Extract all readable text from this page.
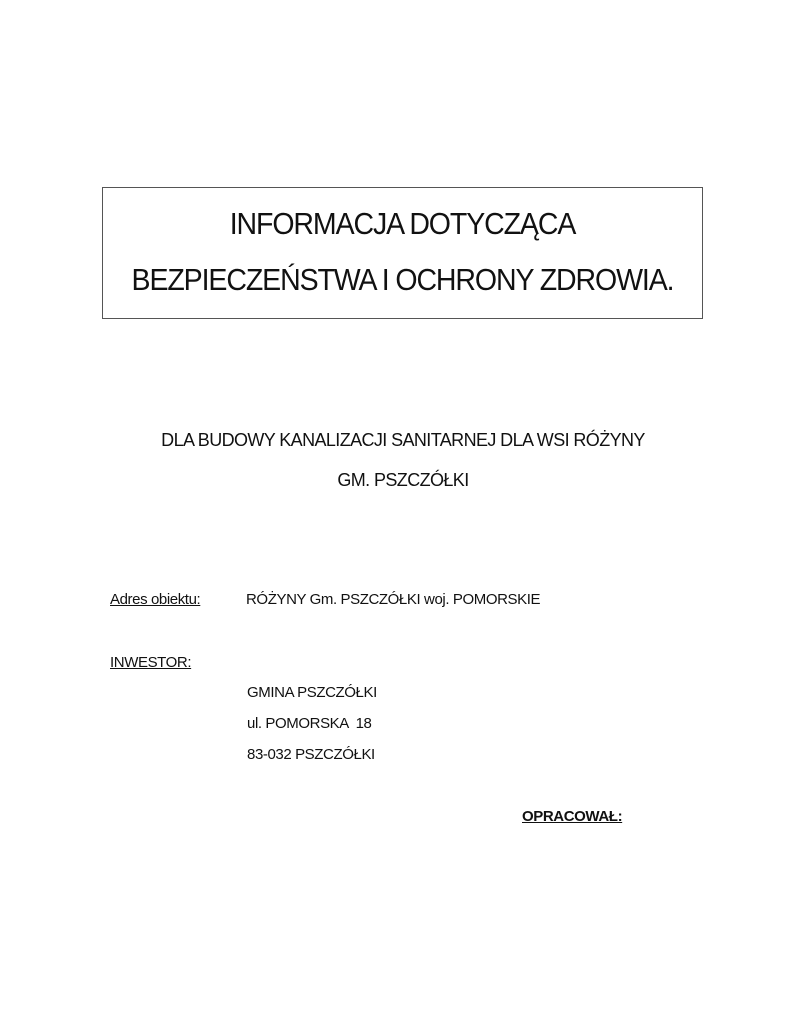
INFORMACJA DOTYCZĄCA
BEZPIECZEŃSTWA I OCHRONY ZDROWIA.
DLA BUDOWY KANALIZACJI SANITARNEJ DLA WSI RÓŻYNY
GM. PSZCZÓŁKI
Adres obiektu:	RÓŻYNY Gm. PSZCZÓŁKI woj. POMORSKIE
INWESTOR:
GMINA PSZCZÓŁKI
ul. POMORSKA  18
83-032 PSZCZÓŁKI
OPRACOWAŁ:
